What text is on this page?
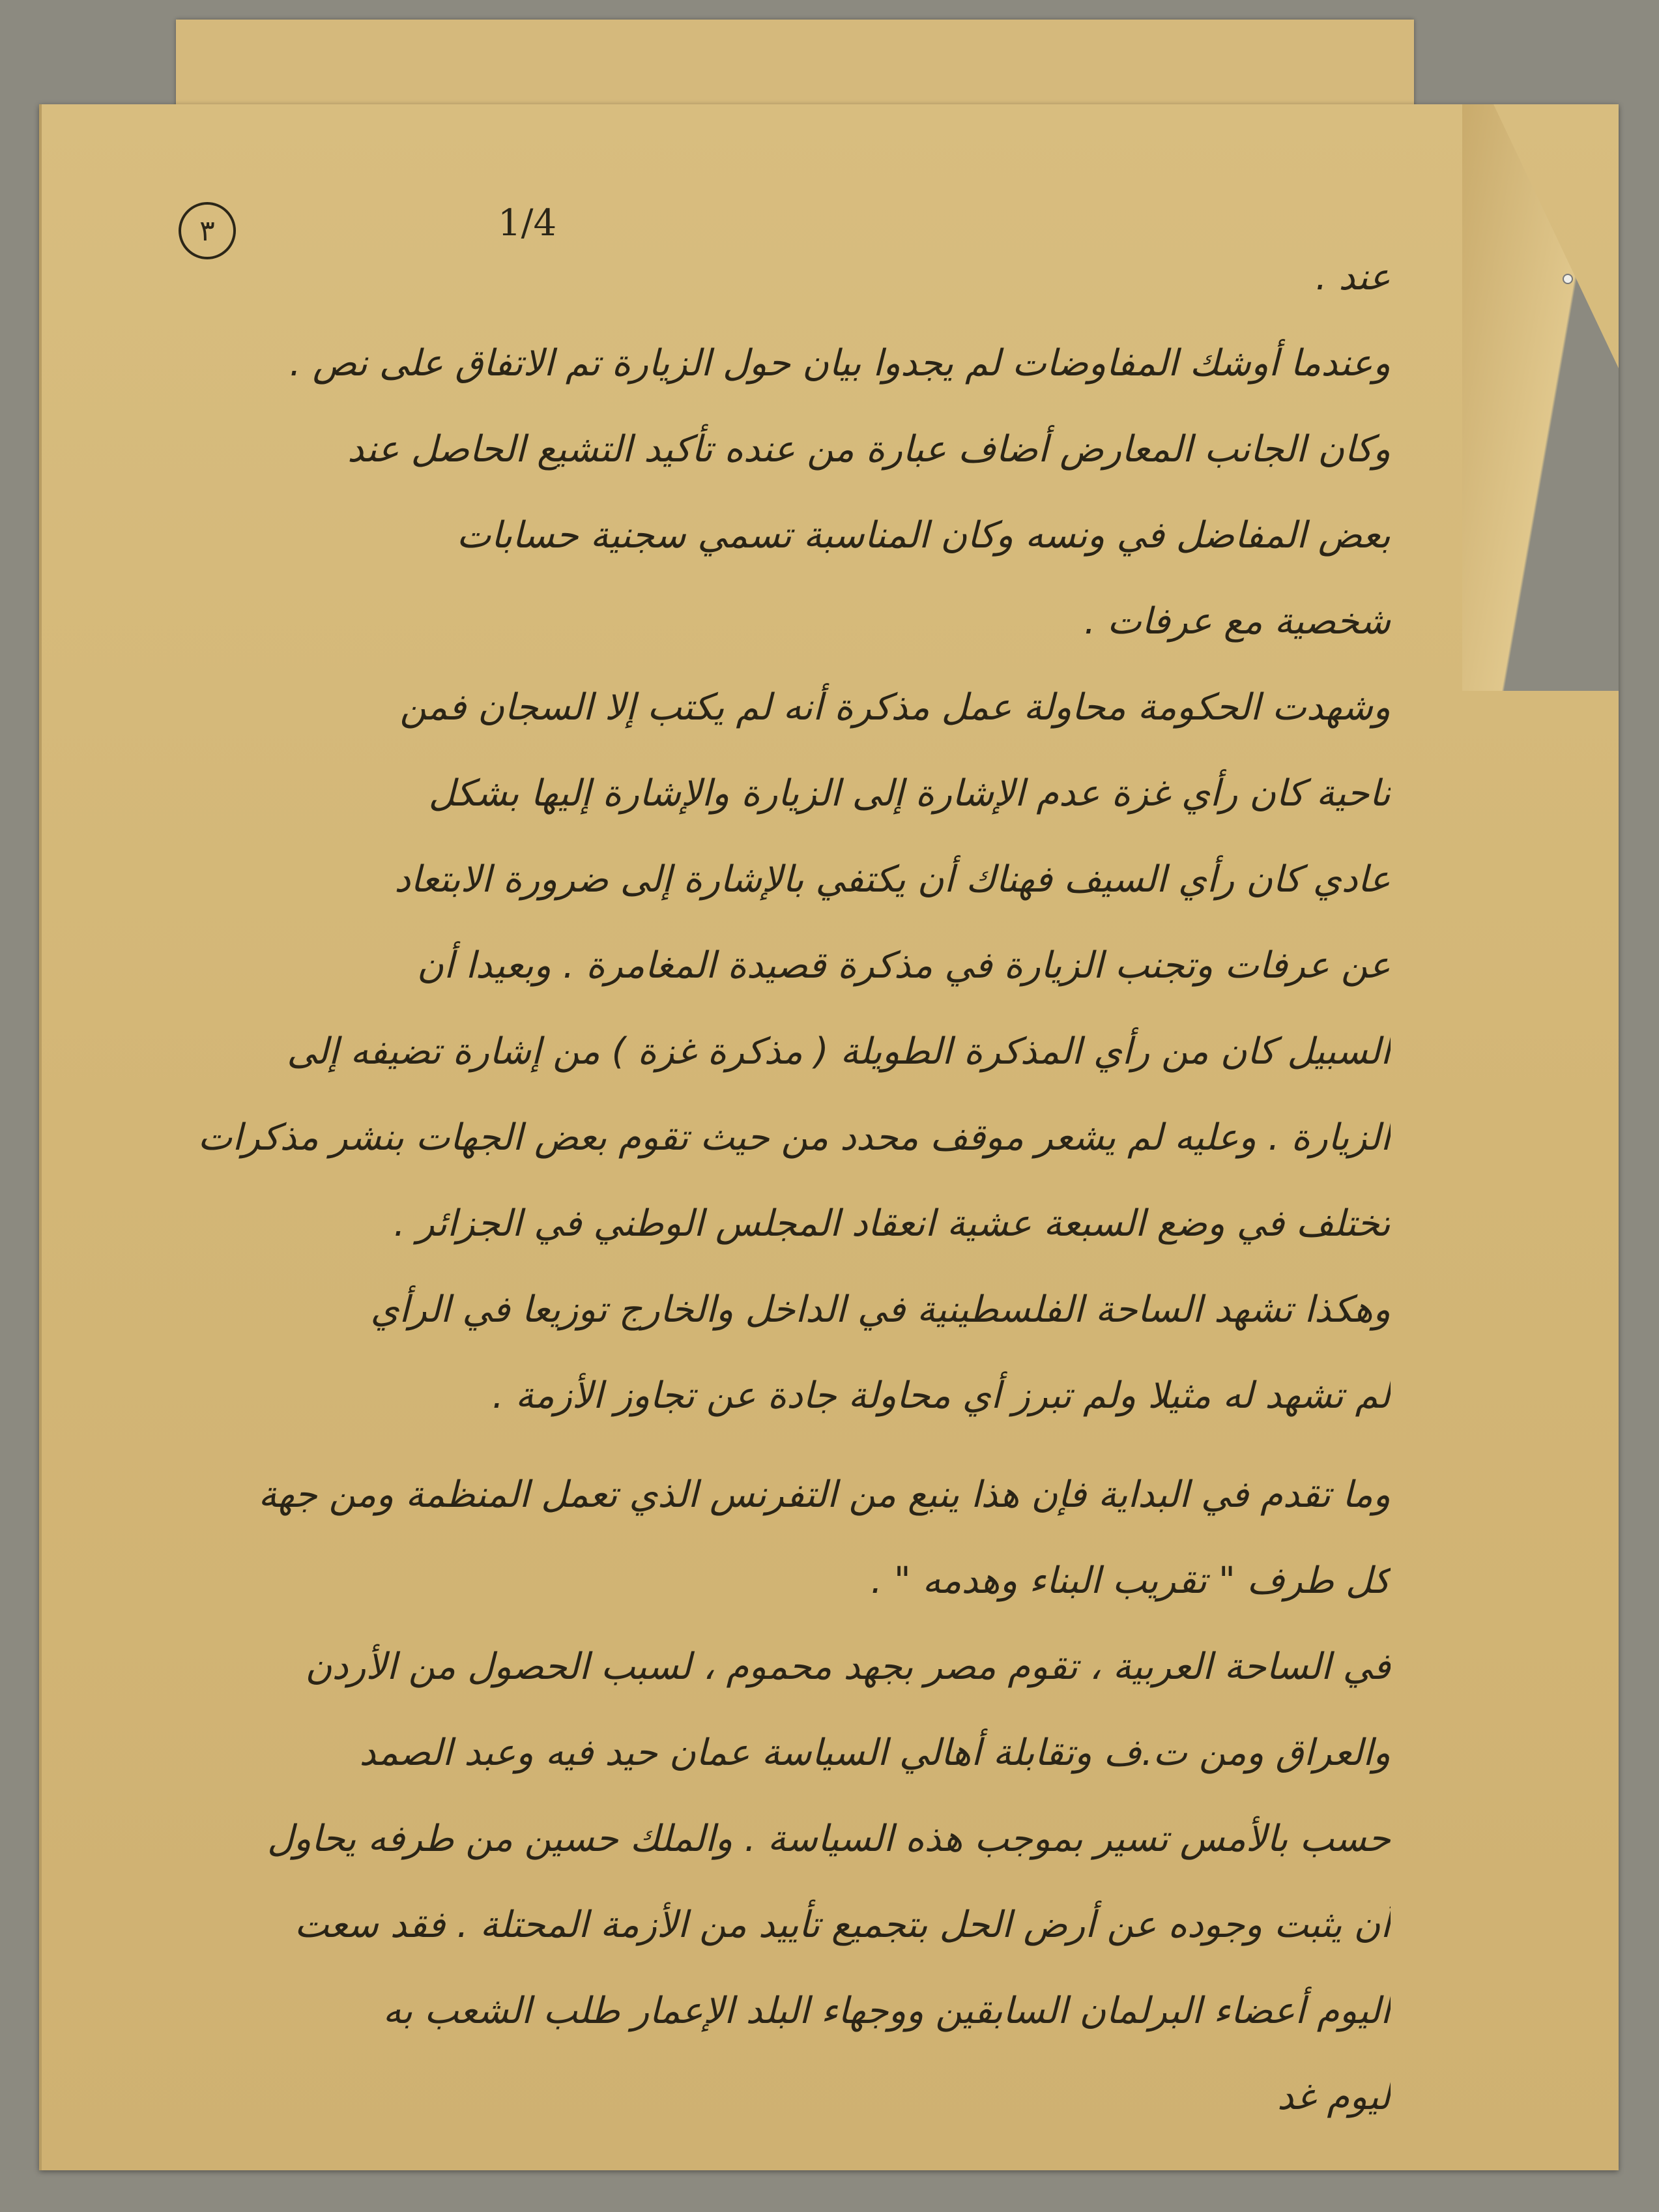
٣	1/4
عند .
وعندما أوشك المفاوضات لم يجدوا بيان حول الزيارة تم الاتفاق على نص .
وكان الجانب المعارض أضاف عبارة من عنده تأكيد التشيع الحاصل عند
بعض المفاضل في ونسه وكان المناسبة تسمي سجنية حسابات
شخصية مع عرفات .
وشهدت الحكومة محاولة عمل مذكرة أنه لم يكتب إلا السجان فمن
ناحية كان رأي غزة عدم الإشارة إلى الزيارة والإشارة إليها بشكل
عادي كان رأي السيف فهناك أن يكتفي بالإشارة إلى ضرورة الابتعاد
عن عرفات وتجنب الزيارة في مذكرة قصيدة المغامرة . وبعيدا أن
السبيل كان من رأي المذكرة الطويلة ( مذكرة غزة ) من إشارة تضيفه إلى
الزيارة . وعليه لم يشعر موقف محدد من حيث تقوم بعض الجهات بنشر مذكرات
تختلف في وضع السبعة عشية انعقاد المجلس الوطني في الجزائر .
وهكذا تشهد الساحة الفلسطينية في الداخل والخارج توزيعا في الرأي
لم تشهد له مثيلا ولم تبرز أي محاولة جادة عن تجاوز الأزمة .
وما تقدم في البداية فإن هذا ينبع من التفرنس الذي تعمل المنظمة ومن جهة
كل طرف " تقريب البناء وهدمه " .
في الساحة العربية ، تقوم مصر بجهد محموم ، لسبب الحصول من الأردن
والعراق ومن ت.ف وتقابلة أهالي السياسة عمان حيد فيه وعبد الصمد
حسب بالأمس تسير بموجب هذه السياسة . والملك حسين من طرفه يحاول
أن يثبت وجوده عن أرض الحل بتجميع تأييد من الأزمة المحتلة . فقد سعت
اليوم أعضاء البرلمان السابقين ووجهاء البلد الإعمار طلب الشعب به
ليوم غد
